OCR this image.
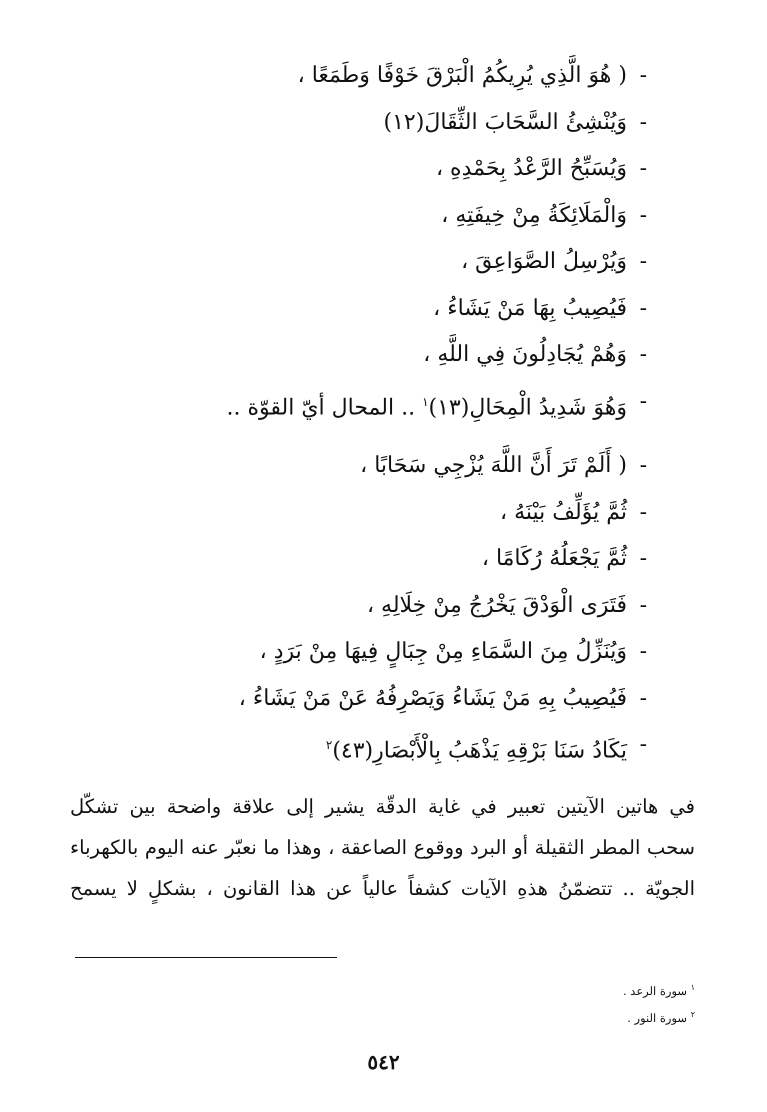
-
( هُوَ الَّذِي يُرِيكُمُ الْبَرْقَ خَوْفًا وَطَمَعًا ،
-
وَيُنْشِئُ السَّحَابَ الثِّقَالَ(١٢)
-
وَيُسَبِّحُ الرَّعْدُ بِحَمْدِهِ ،
-
وَالْمَلَائِكَةُ مِنْ خِيفَتِهِ ،
-
وَيُرْسِلُ الصَّوَاعِقَ ،
-
فَيُصِيبُ بِهَا مَنْ يَشَاءُ ،
-
وَهُمْ يُجَادِلُونَ فِي اللَّهِ ،
-
وَهُوَ شَدِيدُ الْمِحَالِ(١٣)$^١$ .. المحال أيّ القوّة ..
-
( أَلَمْ تَرَ أَنَّ اللَّهَ يُزْجِي سَحَابًا ،
-
ثُمَّ يُؤَلِّفُ بَيْنَهُ ،
-
ثُمَّ يَجْعَلُهُ رُكَامًا ،
-
فَتَرَى الْوَدْقَ يَخْرُجُ مِنْ خِلَالِهِ ،
-
وَيُنَزِّلُ مِنَ السَّمَاءِ مِنْ جِبَالٍ فِيهَا مِنْ بَرَدٍ ،
-
فَيُصِيبُ بِهِ مَنْ يَشَاءُ وَيَصْرِفُهُ عَنْ مَنْ يَشَاءُ ،
-
يَكَادُ سَنَا بَرْقِهِ يَذْهَبُ بِالْأَبْصَارِ(٤٣)$^٢$

في هاتين الآيتين تعبير في غاية الدقّة يشير إلى علاقة واضحة بين تشكّل

سحب المطر الثقيلة أو البرد ووقوع الصاعقة ، وهذا ما نعبّر عنه اليوم بالكهرباء

الجويّة .. تتضمّنُ هذهِ الآيات كشفاً عالياً عن هذا القانون ، بشكلٍ لا يسمح

$^١$ سورة الرعد .
$^٢$ سورة النور .
٥٤٢
